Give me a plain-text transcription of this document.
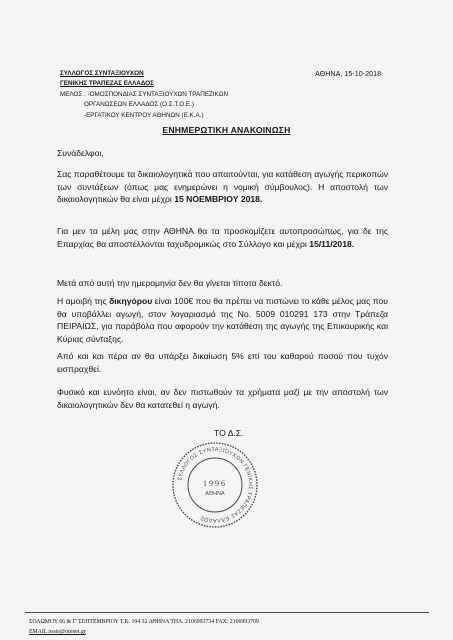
ΣΥΛΛΟΓΟΣ ΣΥΝΤΑΞΙΟΥΧΩΝ
ΓΕΝΙΚΗΣ ΤΡΑΠΕΖΑΣ ΕΛΛΑΔΟΣ
ΜΕΛΟΣ : -ΟΜΟΣΠΟΝΔΙΑΣ ΣΥΝΤΑΞΙΟΥΧΩΝ ΤΡΑΠΕΖΙΚΩΝ
ΟΡΓΑΝΩΣΕΩΝ ΕΛΛΑΔΟΣ (Ο.Σ.Τ.Ο.Ε.)
-ΕΡΓΑΤΙΚΟΥ ΚΕΝΤΡΟΥ ΑΘΗΝΩΝ (Ε.Κ.Α.)
ΑΘΗΝΑ, 15-10-2018
ΕΝΗΜΕΡΩΤΙΚΗ ΑΝΑΚΟΙΝΩΣΗ
Συνάδελφοι,
Σας παραθέτουμε τα δικαιολογητικά που απαιτούνται, για κατάθεση αγωγής περικοπών των συντάξεων (όπως μας ενημερώνει η νομική σύμβουλος). Η αποστολή των δικαιολογητικών θα είναι μέχρι 15 ΝΟΕΜΒΡΙΟΥ 2018.
Για μεν τα μέλη μας στην ΑΘΗΝΑ θα τα προσκομίζετε αυτοπροσώπως, για δε της Επαρχίας θα αποστέλλονται ταχυδρομικώς στο Σύλλογο και μέχρι 15/11/2018.
Μετά από αυτή την ημερομηνία δεν θα γίνεται τίποτα δεκτό.
Η αμοιβή της δικηγόρου είναι 100€ που θα πρέπει να πιστώνει το κάθε μέλος μας που θα υποβάλλει αγωγή, στον λογαριασμό της Νο. 5009 010291 173 στην Τράπεζα ΠΕΙΡΑΙΩΣ, για παράβολα που αφορούν την κατάθεση της αγωγής της Επικουρικής και Κύριας σύνταξης.
Από και και πέρα αν θα υπάρξει δικαίωση 5% επί του καθαρού ποσού που τυχόν εισπραχθεί.
Φυσικό και ευνόητο είναι, αν δεν πιστωθούν τα χρήματα μαζί με την αποστολή των δικαιολογητικών δεν θα κατατεθεί η αγωγή.
ΤΟ Δ.Σ.
ΣΥΛΛΟΓΟΣ ΣΥΝΤΑΞΙΟΥΧΩΝ ΓΕΝΙΚΗΣ ΤΡΑΠΕΖΑΣ ΕΛΛΑΔΟΣ
1996
ΑΘΗΝΑ
ΣΟΛΩΜΟΥ 66 & Γ' ΣΕΠΤΕΜΒΡΙΟΥ Τ.Κ. 104 32 ΑΘΗΝΑ ΤΗΛ. 2106993734 FAX: 2106993709
EMAIL:ssste@otenet.gr
